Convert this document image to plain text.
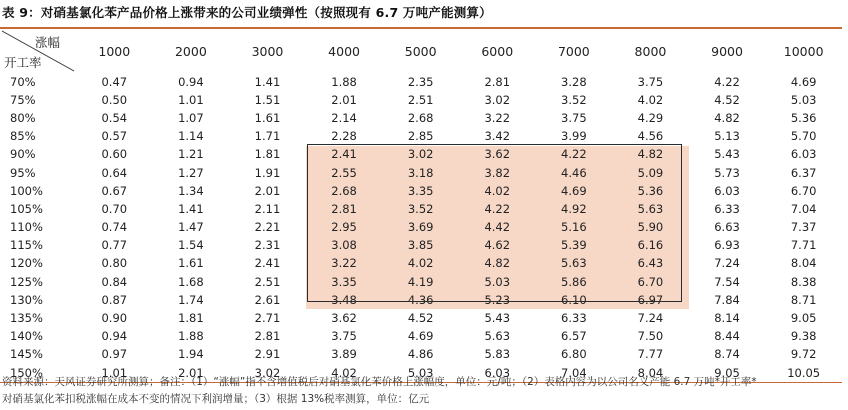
表 9：对硝基氯化苯产品价格上涨带来的公司业绩弹性（按照现有 6.7 万吨产能测算）
涨幅
开工率	1000	2000	3000	4000	5000	6000	7000	8000	9000	10000
70%	0.47	0.94	1.41	1.88	2.35	2.81	3.28	3.75	4.22	4.69
75%	0.50	1.01	1.51	2.01	2.51	3.02	3.52	4.02	4.52	5.03
80%	0.54	1.07	1.61	2.14	2.68	3.22	3.75	4.29	4.82	5.36
85%	0.57	1.14	1.71	2.28	2.85	3.42	3.99	4.56	5.13	5.70
90%	0.60	1.21	1.81	2.41	3.02	3.62	4.22	4.82	5.43	6.03
95%	0.64	1.27	1.91	2.55	3.18	3.82	4.46	5.09	5.73	6.37
100%	0.67	1.34	2.01	2.68	3.35	4.02	4.69	5.36	6.03	6.70
105%	0.70	1.41	2.11	2.81	3.52	4.22	4.92	5.63	6.33	7.04
110%	0.74	1.47	2.21	2.95	3.69	4.42	5.16	5.90	6.63	7.37
115%	0.77	1.54	2.31	3.08	3.85	4.62	5.39	6.16	6.93	7.71
120%	0.80	1.61	2.41	3.22	4.02	4.82	5.63	6.43	7.24	8.04
125%	0.84	1.68	2.51	3.35	4.19	5.03	5.86	6.70	7.54	8.38
130%	0.87	1.74	2.61	3.48	4.36	5.23	6.10	6.97	7.84	8.71
135%	0.90	1.81	2.71	3.62	4.52	5.43	6.33	7.24	8.14	9.05
140%	0.94	1.88	2.81	3.75	4.69	5.63	6.57	7.50	8.44	9.38
145%	0.97	1.94	2.91	3.89	4.86	5.83	6.80	7.77	8.74	9.72
150%	1.01	2.01	3.02	4.02	5.03	6.03	7.04	8.04	9.05	10.05
资料来源：天风证券研究所测算；备注：（1）“涨幅”指不含增值税后对硝基氯化苯价格上涨幅度，单位：元/吨；（2）表格内容为以公司名义产能 6.7 万吨*开工率*
对硝基氯化苯扣税涨幅在成本不变的情况下利润增量；（3）根据 13%税率测算，单位：亿元
